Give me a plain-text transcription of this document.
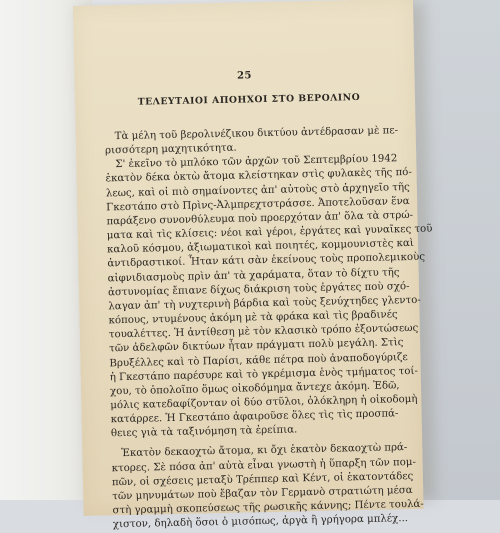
25
ΤΕΛΕΥΤΑΙΟΙ ΑΠΟΗΧΟΙ ΣΤΟ ΒΕΡΟΛΙΝΟ
Τὰ μέλη τοῦ βερολινέζικου δικτύου ἀντέδρασαν μὲ πε-
ρισσότερη μαχητικότητα.
Σ' ἐκεῖνο τὸ μπλόκο τῶν ἀρχῶν τοῦ Σεπτεμβρίου 1942
ἑκατὸν δέκα ὀκτὼ ἄτομα κλείστηκαν στὶς φυλακὲς τῆς πό-
λεως, καὶ οἱ πιὸ σημαίνοντες ἀπ' αὐτοὺς στὸ ἀρχηγεῖο τῆς
Γκεστάπο στὸ Πρὶνς-Ἀλμπρεχτστράσσε. Ἀποτελοῦσαν ἕνα
παράξενο συνονθύλευμα ποὺ προερχόταν ἀπ' ὅλα τὰ στρώ-
ματα καὶ τὶς κλίσεις: νέοι καὶ γέροι, ἐργάτες καὶ γυναῖκες τοῦ
καλοῦ κόσμου, ἀξιωματικοὶ καὶ ποιητές, κομμουνιστὲς καὶ
ἀντιδραστικοί. Ἦταν κάτι σὰν ἐκείνους τοὺς προπολεμικοὺς
αἰφνιδιασμοὺς πρὶν ἀπ' τὰ χαράματα, ὅταν τὸ δίχτυ τῆς
ἀστυνομίας ἔπιανε δίχως διάκριση τοὺς ἐργάτες ποὺ σχό-
λαγαν ἀπ' τὴ νυχτερινὴ βάρδια καὶ τοὺς ξενύχτηδες γλεντο-
κόπους, ντυμένους ἀκόμη μὲ τὰ φράκα καὶ τὶς βραδινές
τουαλέττες. Ἡ ἀντίθεση μὲ τὸν κλασικὸ τρόπο ἐξοντώσεως
τῶν ἀδελφῶν δικτύων ἦταν πράγματι πολὺ μεγάλη. Στὶς
Βρυξέλλες καὶ τὸ Παρίσι, κάθε πέτρα ποὺ ἀναποδογύριζε
ἡ Γκεστάπο παρέσυρε καὶ τὸ γκρέμισμα ἑνὸς τμήματος τοί-
χου, τὸ ὁπολοῖπο ὅμως οἰκοδόμημα ἄντεχε ἀκόμη. Ἐδῶ,
μόλις κατεδαφίζονταν οἱ δύο στῦλοι, ὁλόκληρη ἡ οἰκοδομὴ
κατάρρεε. Ἡ Γκεστάπο ἀφαιροῦσε ὅλες τὶς τὶς προσπά-
θειες γιὰ τὰ ταξινόμηση τὰ ἐρείπια.
Ἑκατὸν δεκαοχτὼ ἄτομα, κι ὄχι ἑκατὸν δεκαοχτὼ πρά-
κτορες. Σὲ πόσα ἀπ' αὐτὰ εἶναι γνωστὴ ἡ ὕπαρξη τῶν πομ-
πῶν, οἱ σχέσεις μεταξὺ Τρέππερ καὶ Κέντ, οἱ ἑκατοντάδες
τῶν μηνυμάτων ποὺ ἔβαζαν τὸν Γερμανὸ στρατιώτη μέσα
στὴ γραμμὴ σκοπεύσεως τῆς ρωσικῆς κάννης; Πέντε τουλά-
χιστον, δηλαδὴ ὅσοι ὁ μισόπως, ἀργὰ ἢ γρήγορα μπλέχ...
